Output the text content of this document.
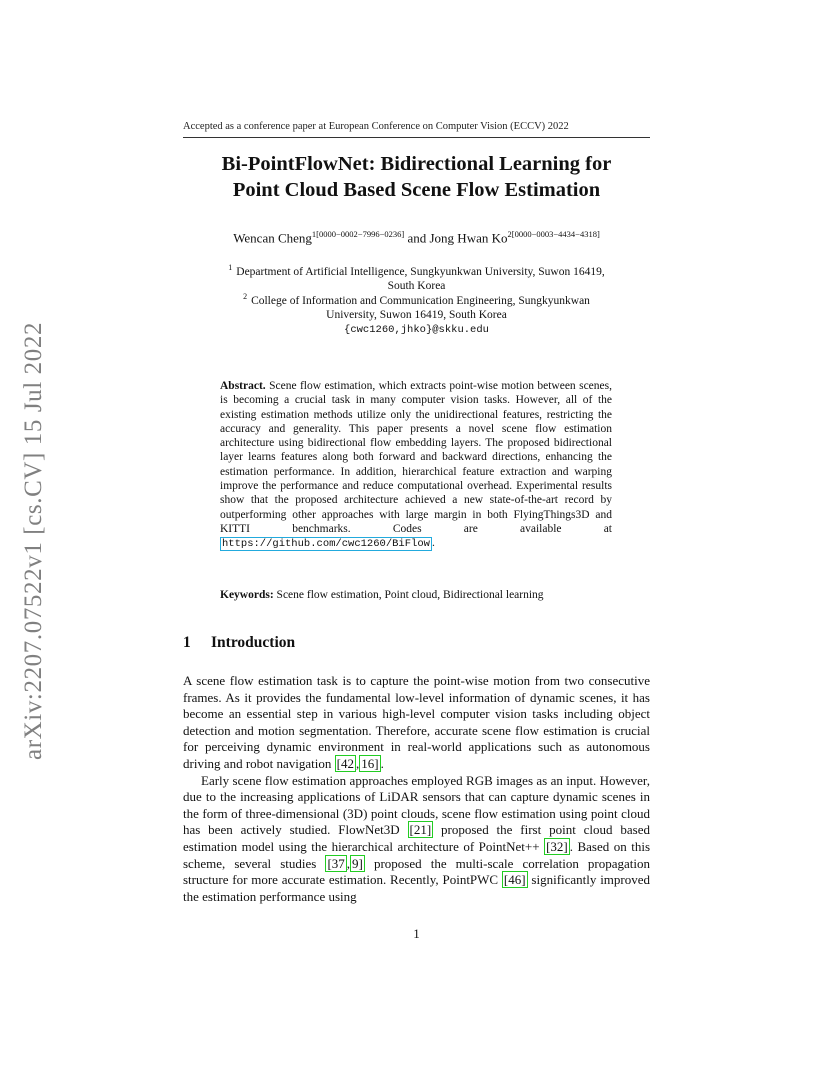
arXiv:2207.07522v1 [cs.CV] 15 Jul 2022
Accepted as a conference paper at European Conference on Computer Vision (ECCV) 2022
Bi-PointFlowNet: Bidirectional Learning for
Point Cloud Based Scene Flow Estimation
Wencan Cheng$^{1[0000-0002-7996-0236]}$ and Jong Hwan $Ko^{2[0000-0003-4434-4318]}$
$^1$ Department of Artificial Intelligence, Sungkyunkwan University, Suwon 16419,
South Korea
$^2$ College of Information and Communication Engineering, Sungkyunkwan
University, Suwon 16419, South Korea
{cwc1260,jhko}@skku.edu
Abstract. Scene flow estimation, which extracts point-wise motion between scenes, is becoming a crucial task in many computer vision tasks. However, all of the existing estimation methods utilize only the unidirectional features, restricting the accuracy and generality. This paper presents a novel scene flow estimation architecture using bidirectional flow embedding layers. The proposed bidirectional layer learns features along both forward and backward directions, enhancing the estimation performance. In addition, hierarchical feature extraction and warping improve the performance and reduce computational overhead. Experimental results show that the proposed architecture achieved a new state-of-the-art record by outperforming other approaches with large margin in both FlyingThings3D and KITTI benchmarks. Codes are available at https://github.com/cwc1260/BiFlow .
Keywords: Scene flow estimation, Point cloud, Bidirectional learning
1 Introduction

A scene flow estimation task is to capture the point-wise motion from two consecutive frames. As it provides the fundamental low-level information of dynamic scenes, it has become an essential step in various high-level computer vision tasks including object detection and motion segmentation. Therefore, accurate scene flow estimation is crucial for perceiving dynamic environment in real-world applications such as autonomous driving and robot navigation [42 , 16] .

Early scene flow estimation approaches employed RGB images as an input. However, due to the increasing applications of LiDAR sensors that can capture dynamic scenes in the form of three-dimensional (3D) point clouds, scene flow estimation using point cloud has been actively studied. FlowNet3D [21] proposed the first point cloud based estimation model using the hierarchical architecture of PointNet++ [32] . Based on this scheme, several studies [37 , 9] proposed the multi-scale correlation propagation structure for more accurate estimation. Recently, PointPWC [46] significantly improved the estimation performance using

1
